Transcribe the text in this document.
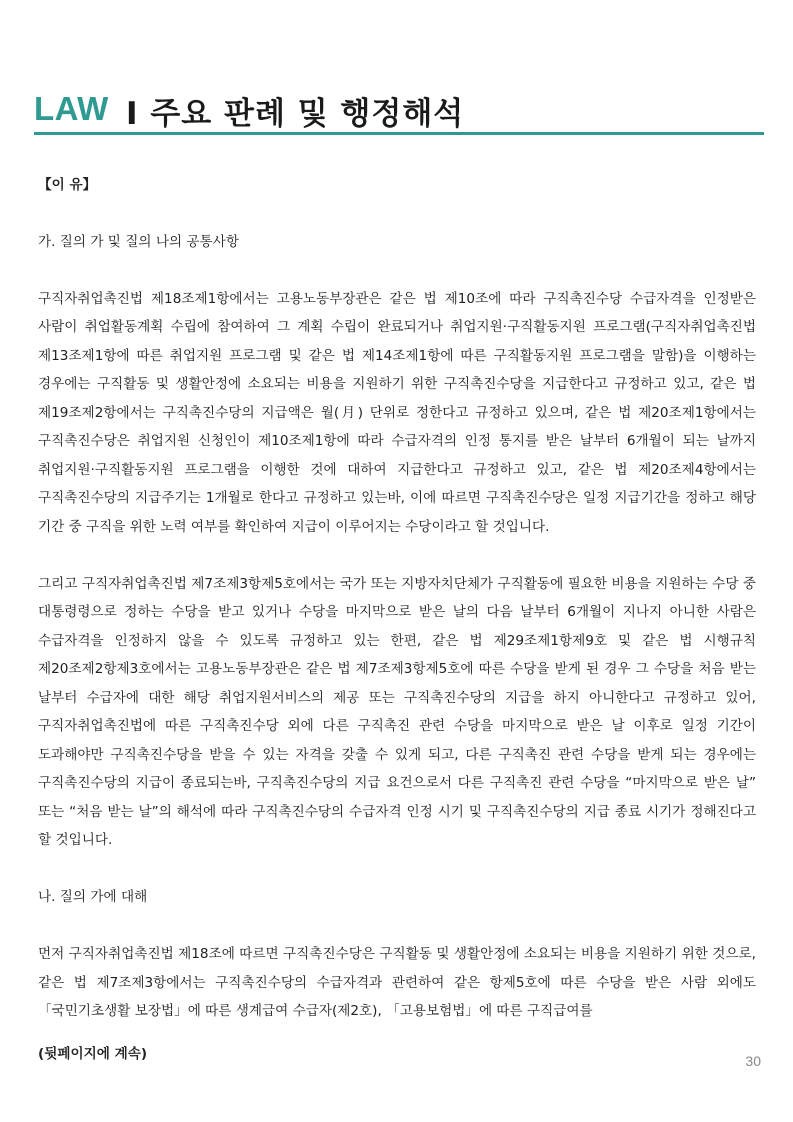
LAW I 주요 판례 및 행정해석
【이 유】
가. 질의 가 및 질의 나의 공통사항

구직자취업촉진법 제18조제1항에서는 고용노동부장관은 같은 법 제10조에 따라 구직촉진수당 수급자격을 인정받은 사람이 취업활동계획 수립에 참여하여 그 계획 수립이 완료되거나 취업지원·구직활동지원 프로그램(구직자취업촉진법 제13조제1항에 따른 취업지원 프로그램 및 같은 법 제14조제1항에 따른 구직활동지원 프로그램을 말함)을 이행하는 경우에는 구직활동 및 생활안정에 소요되는 비용을 지원하기 위한 구직촉진수당을 지급한다고 규정하고 있고, 같은 법 제19조제2항에서는 구직촉진수당의 지급액은 월(月) 단위로 정한다고 규정하고 있으며, 같은 법 제20조제1항에서는 구직촉진수당은 취업지원 신청인이 제10조제1항에 따라 수급자격의 인정 통지를 받은 날부터 6개월이 되는 날까지 취업지원·구직활동지원 프로그램을 이행한 것에 대하여 지급한다고 규정하고 있고, 같은 법 제20조제4항에서는 구직촉진수당의 지급주기는 1개월로 한다고 규정하고 있는바, 이에 따르면 구직촉진수당은 일정 지급기간을 정하고 해당 기간 중 구직을 위한 노력 여부를 확인하여 지급이 이루어지는 수당이라고 할 것입니다.

그리고 구직자취업촉진법 제7조제3항제5호에서는 국가 또는 지방자치단체가 구직활동에 필요한 비용을 지원하는 수당 중 대통령령으로 정하는 수당을 받고 있거나 수당을 마지막으로 받은 날의 다음 날부터 6개월이 지나지 아니한 사람은 수급자격을 인정하지 않을 수 있도록 규정하고 있는 한편, 같은 법 제29조제1항제9호 및 같은 법 시행규칙 제20조제2항제3호에서는 고용노동부장관은 같은 법 제7조제3항제5호에 따른 수당을 받게 된 경우 그 수당을 처음 받는 날부터 수급자에 대한 해당 취업지원서비스의 제공 또는 구직촉진수당의 지급을 하지 아니한다고 규정하고 있어, 구직자취업촉진법에 따른 구직촉진수당 외에 다른 구직촉진 관련 수당을 마지막으로 받은 날 이후로 일정 기간이 도과해야만 구직촉진수당을 받을 수 있는 자격을 갖출 수 있게 되고, 다른 구직촉진 관련 수당을 받게 되는 경우에는 구직촉진수당의 지급이 종료되는바, 구직촉진수당의 지급 요건으로서 다른 구직촉진 관련 수당을 “마지막으로 받은 날” 또는 “처음 받는 날”의 해석에 따라 구직촉진수당의 수급자격 인정 시기 및 구직촉진수당의 지급 종료 시기가 정해진다고 할 것입니다.

나. 질의 가에 대해

먼저 구직자취업촉진법 제18조에 따르면 구직촉진수당은 구직활동 및 생활안정에 소요되는 비용을 지원하기 위한 것으로, 같은 법 제7조제3항에서는 구직촉진수당의 수급자격과 관련하여 같은 항제5호에 따른 수당을 받은 사람 외에도 「국민기초생활 보장법」에 따른 생계급여 수급자(제2호), 「고용보험법」에 따른 구직급여를

(뒷페이지에 계속)	30
